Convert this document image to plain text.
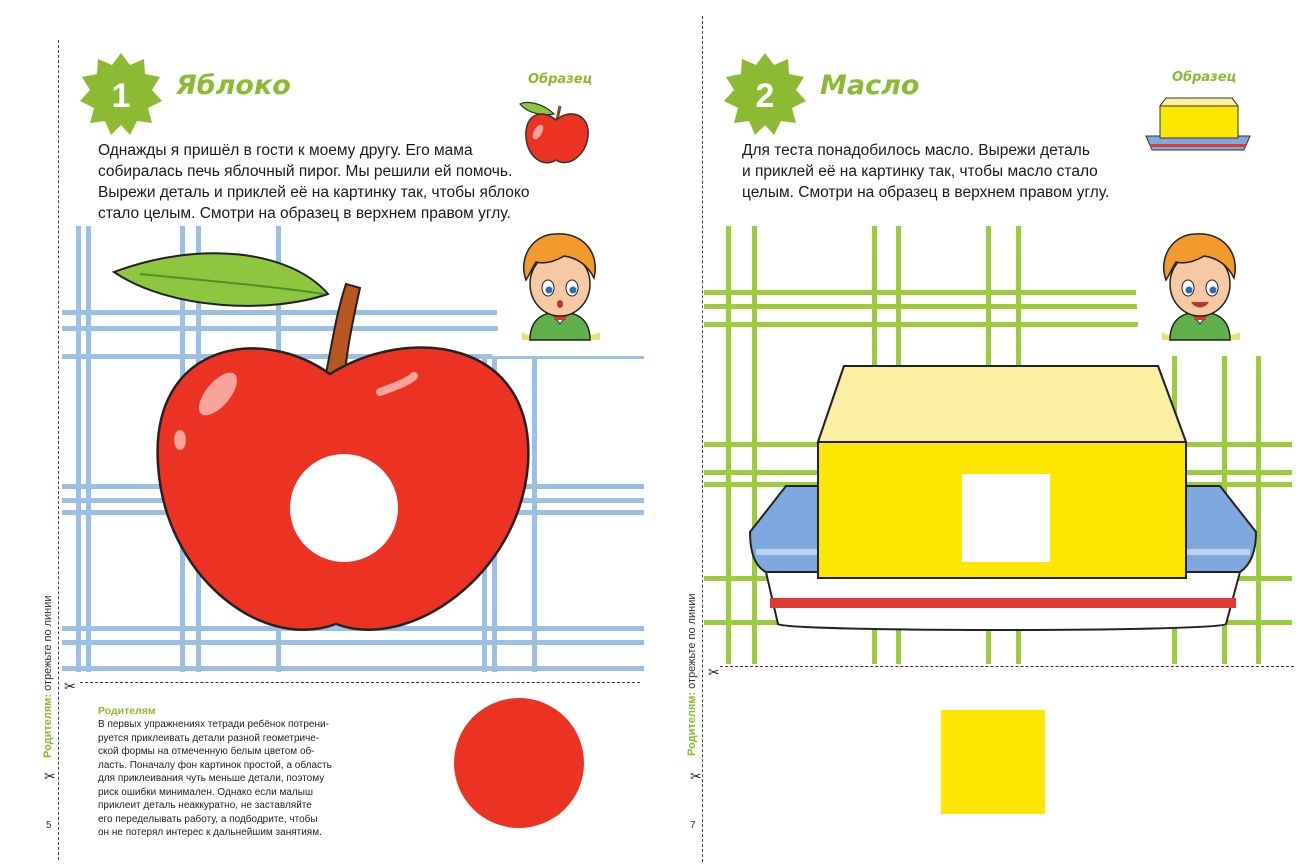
1	Яблоко	Образец
Однажды я пришёл в гости к моему другу. Его мама
собиралась печь яблочный пирог. Мы решили ей помочь.
Вырежи деталь и приклей её на картинку так, чтобы яблоко
стало целым. Смотри на образец в верхнем правом углу.
✂
✂
Родителям: отрежьте по линии
Родителям
В первых упражнениях тетради ребёнок потрени-
руется приклеивать детали разной геометриче-
ской формы на отмеченную белым цветом об-
ласть. Поначалу фон картинок простой, а область
для приклеивания чуть меньше детали, поэтому
риск ошибки минимален. Однако если малыш
приклеит деталь неаккуратно, не заставляйте
его переделывать работу, а подбодрите, чтобы
он не потерял интерес к дальнейшим занятиям.
5
2	Масло	Образец
Для теста понадобилось масло. Вырежи деталь
и приклей её на картинку так, чтобы масло стало
целым. Смотри на образец в верхнем правом углу.
✂
✂
Родителям: отрежьте по линии
7
